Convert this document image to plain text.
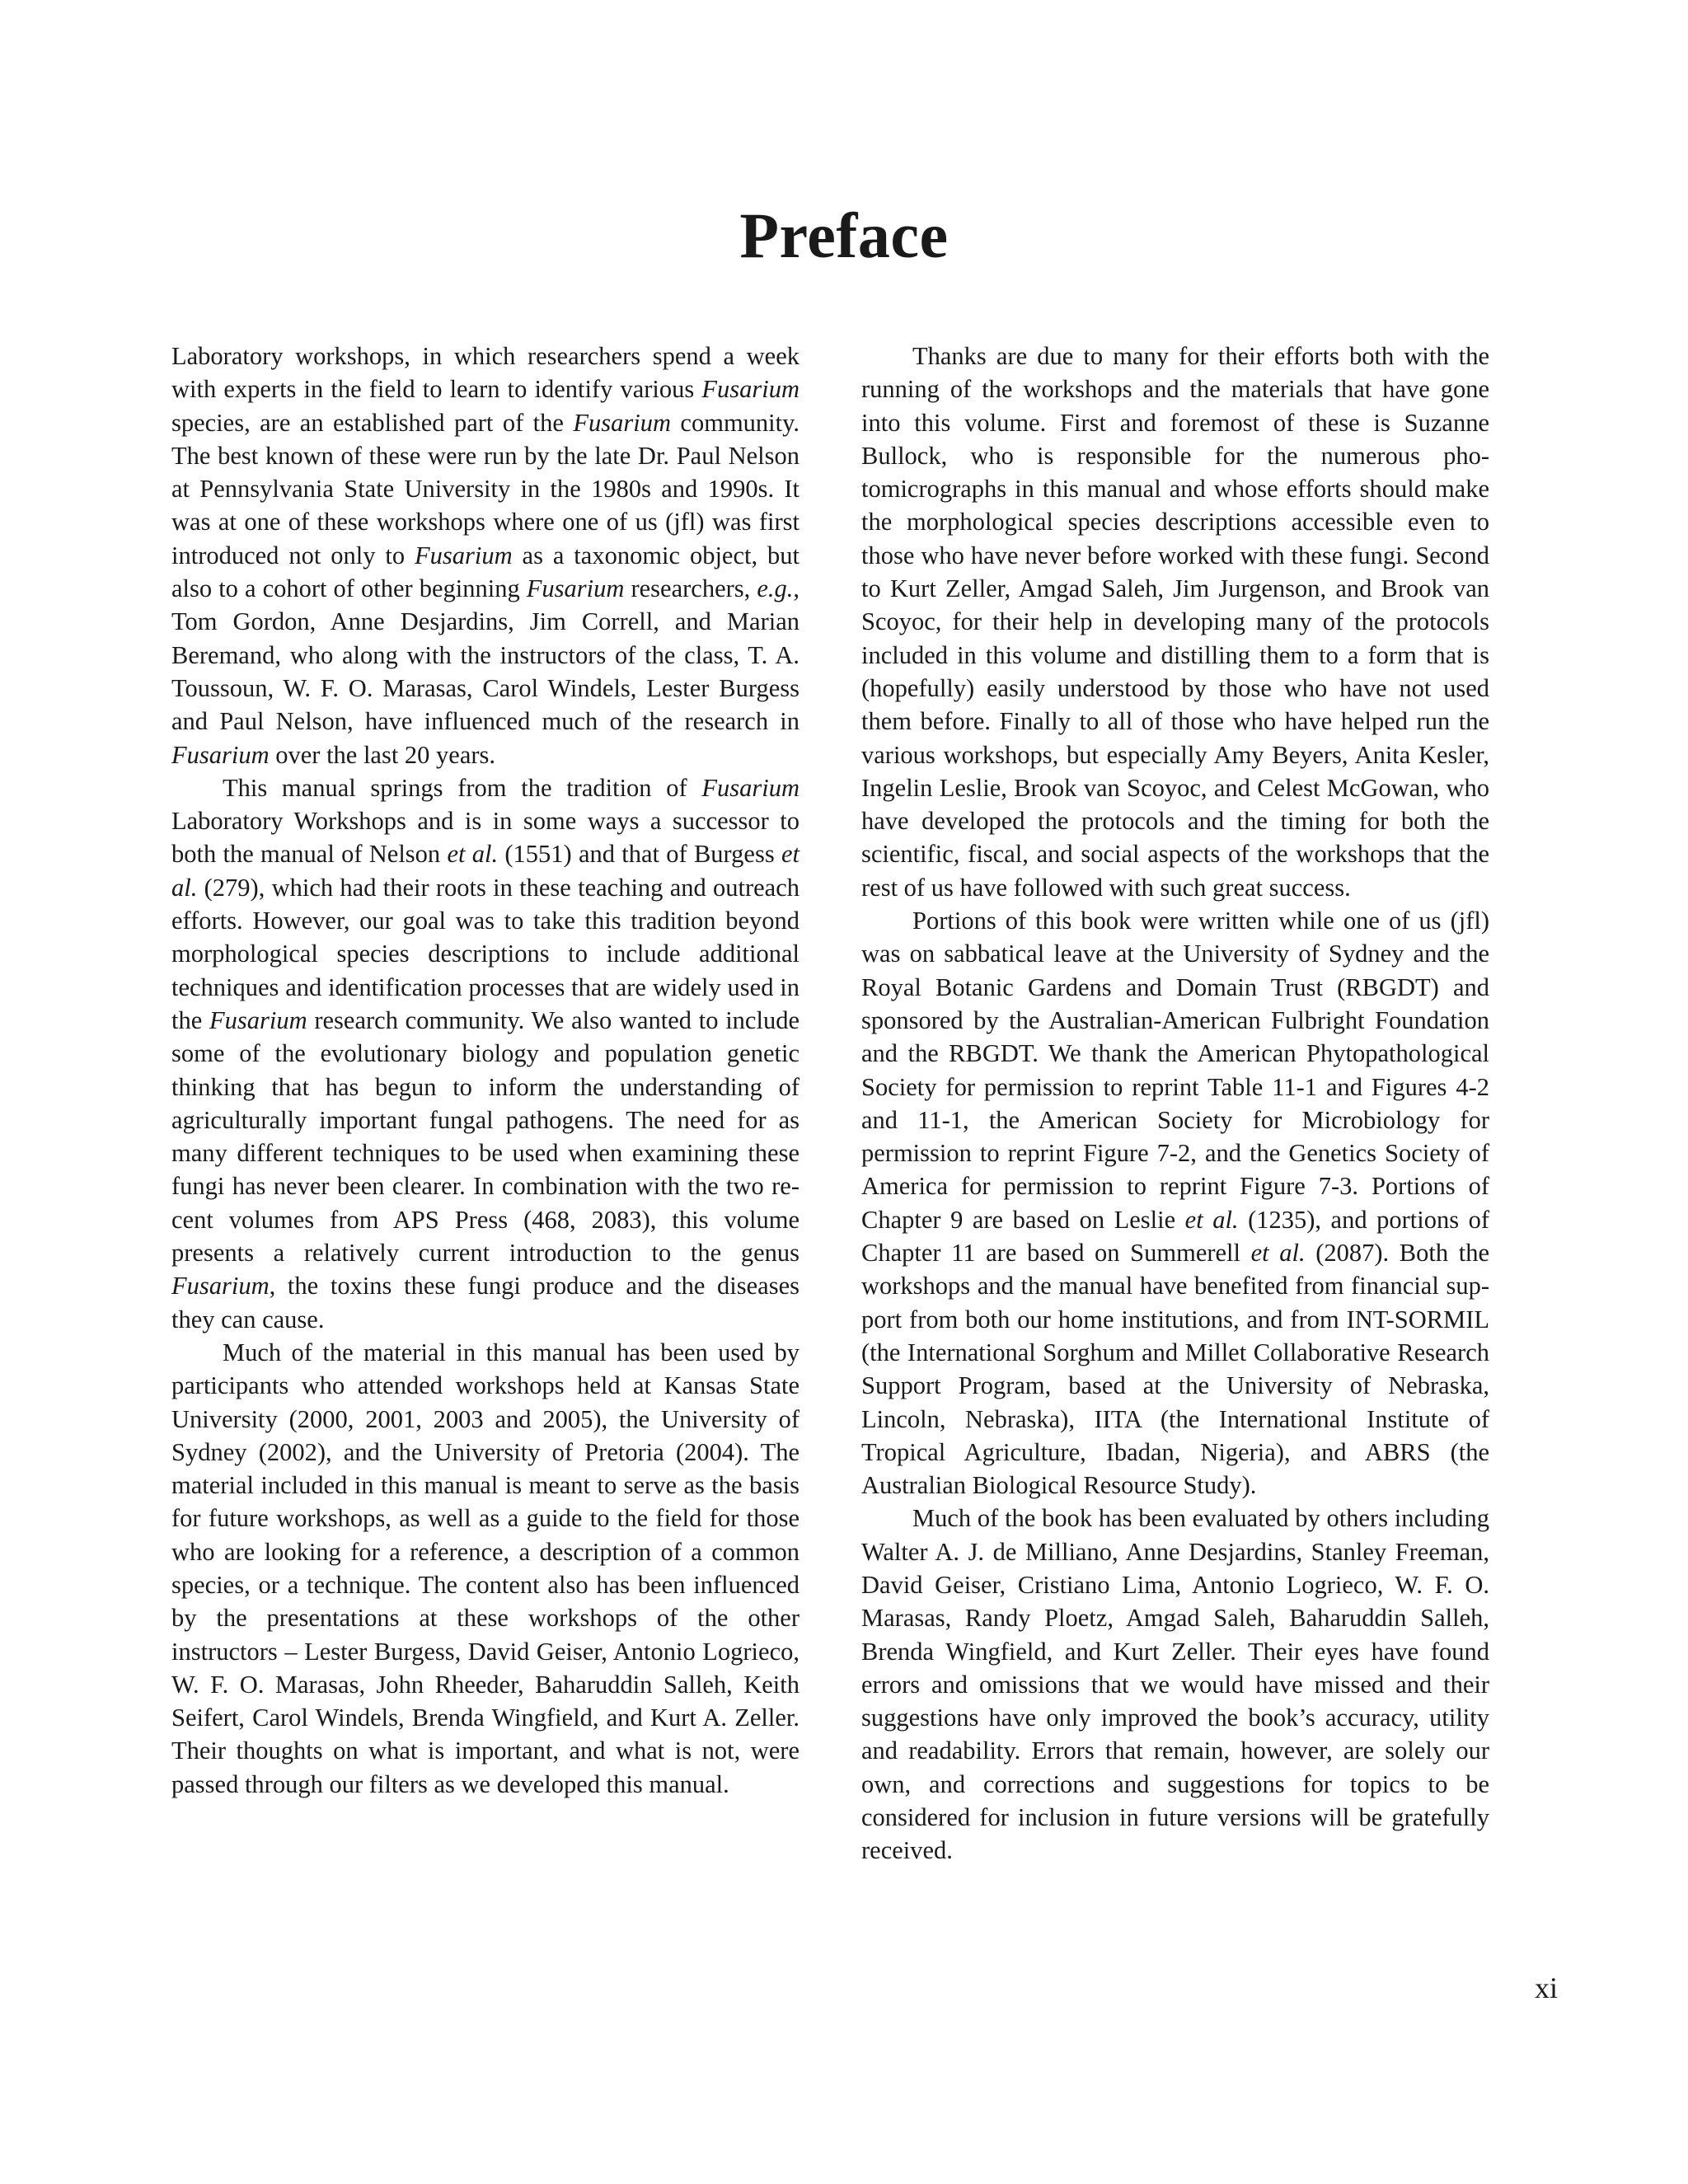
Preface

Laboratory workshops, in which researchers spend a week with experts in the field to learn to identify various Fusarium species, are an established part of the Fusarium community. The best known of these were run by the late Dr. Paul Nelson at Pennsylvania State University in the 1980s and 1990s. It was at one of these workshops where one of us (jfl) was first introduced not only to Fusarium as a taxonomic object, but also to a cohort of other beginning Fusarium researchers, e.g., Tom Gordon, Anne Desjardins, Jim Correll, and Marian Beremand, who along with the instructors of the class, T. A. Toussoun, W. F. O. Marasas, Carol Windels, Lester Burgess and Paul Nelson, have influenced much of the research in Fusarium over the last 20 years.

This manual springs from the tradition of Fusarium Laboratory Workshops and is in some ways a successor to both the manual of Nelson et al. (1551) and that of Burgess et al. (279), which had their roots in these teaching and outreach efforts. However, our goal was to take this tradition beyond morphological species descriptions to include additional techniques and identification processes that are widely used in the Fusarium research community. We also wanted to include some of the evolutionary biology and population genetic thinking that has begun to inform the understanding of agriculturally important fungal pathogens. The need for as many different techniques to be used when examining these fungi has never been clearer. In combination with the two recent volumes from APS Press (468, 2083), this volume presents a relatively current introduction to the genus Fusarium, the toxins these fungi produce and the diseases they can cause.

Much of the material in this manual has been used by participants who attended workshops held at Kansas State University (2000, 2001, 2003 and 2005), the University of Sydney (2002), and the University of Pretoria (2004). The material included in this manual is meant to serve as the basis for future workshops, as well as a guide to the field for those who are looking for a reference, a description of a common species, or a technique. The content also has been influenced by the presentations at these workshops of the other instructors – Lester Burgess, David Geiser, Antonio Logrieco, W. F. O. Marasas, John Rheeder, Baharuddin Salleh, Keith Seifert, Carol Windels, Brenda Wingfield, and Kurt A. Zeller. Their thoughts on what is important, and what is not, were passed through our filters as we developed this manual.

Thanks are due to many for their efforts both with the running of the workshops and the materials that have gone into this volume. First and foremost of these is Suzanne Bullock, who is responsible for the numerous photomicrographs in this manual and whose efforts should make the morphological species descriptions accessible even to those who have never before worked with these fungi. Second to Kurt Zeller, Amgad Saleh, Jim Jurgenson, and Brook van Scoyoc, for their help in developing many of the protocols included in this volume and distilling them to a form that is (hopefully) easily understood by those who have not used them before. Finally to all of those who have helped run the various workshops, but especially Amy Beyers, Anita Kesler, Ingelin Leslie, Brook van Scoyoc, and Celest McGowan, who have developed the protocols and the timing for both the scientific, fiscal, and social aspects of the workshops that the rest of us have followed with such great success.

Portions of this book were written while one of us (jfl) was on sabbatical leave at the University of Sydney and the Royal Botanic Gardens and Domain Trust (RBGDT) and sponsored by the Australian-American Fulbright Foundation and the RBGDT. We thank the American Phytopathological Society for permission to reprint Table 11-1 and Figures 4-2 and 11-1, the American Society for Microbiology for permission to reprint Figure 7-2, and the Genetics Society of America for permission to reprint Figure 7-3. Portions of Chapter 9 are based on Leslie et al. (1235), and portions of Chapter 11 are based on Summerell et al. (2087). Both the workshops and the manual have benefited from financial support from both our home institutions, and from INT-SORMIL (the International Sorghum and Millet Collaborative Research Support Program, based at the University of Nebraska, Lincoln, Nebraska), IITA (the International Institute of Tropical Agriculture, Ibadan, Nigeria), and ABRS (the Australian Biological Resource Study).

Much of the book has been evaluated by others including Walter A. J. de Milliano, Anne Desjardins, Stanley Freeman, David Geiser, Cristiano Lima, Antonio Logrieco, W. F. O. Marasas, Randy Ploetz, Amgad Saleh, Baharuddin Salleh, Brenda Wingfield, and Kurt Zeller. Their eyes have found errors and omissions that we would have missed and their suggestions have only improved the book’s accuracy, utility and readability. Errors that remain, however, are solely our own, and corrections and suggestions for topics to be considered for inclusion in future versions will be gratefully received.

xi
